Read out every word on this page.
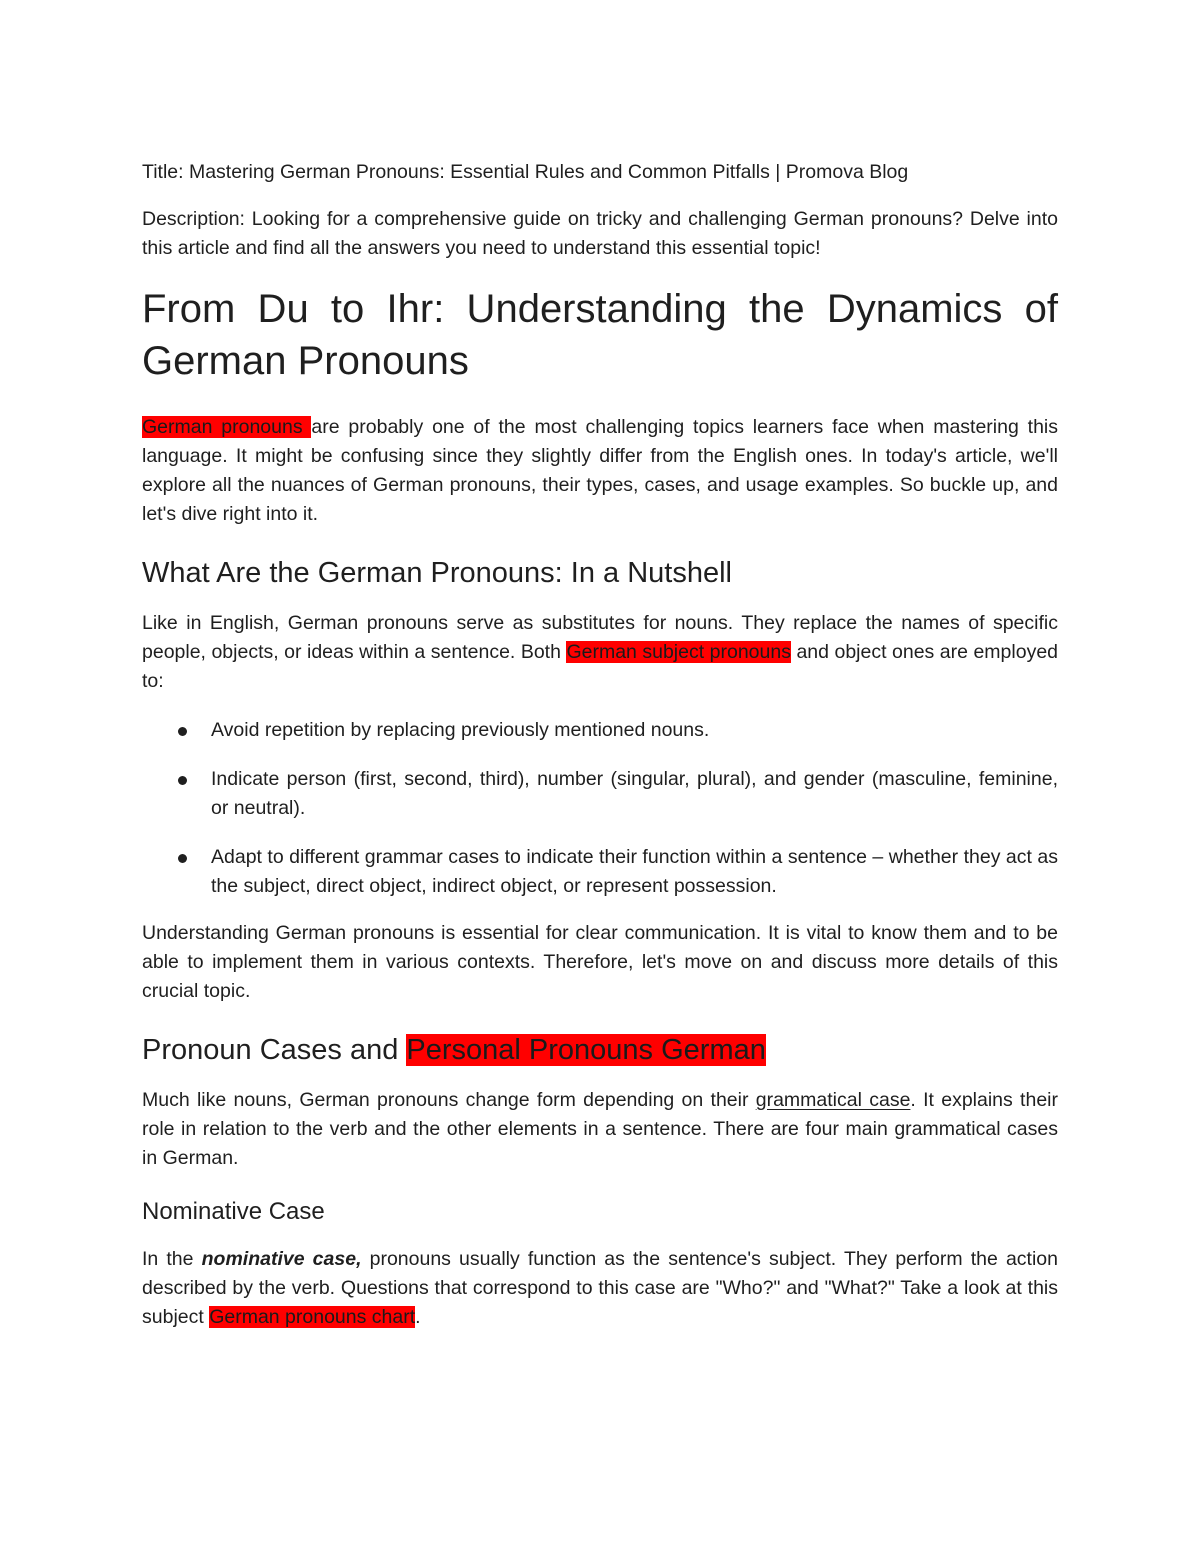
Title: Mastering German Pronouns: Essential Rules and Common Pitfalls | Promova Blog

Description: Looking for a comprehensive guide on tricky and challenging German pronouns? Delve into this article and find all the answers you need to understand this essential topic!

From Du to Ihr: Understanding the Dynamics of German Pronouns

German pronouns are probably one of the most challenging topics learners face when mastering this language. It might be confusing since they slightly differ from the English ones. In today's article, we'll explore all the nuances of German pronouns, their types, cases, and usage examples. So buckle up, and let's dive right into it.

What Are the German Pronouns: In a Nutshell

Like in English, German pronouns serve as substitutes for nouns. They replace the names of specific people, objects, or ideas within a sentence. Both German subject pronouns and object ones are employed to:

Avoid repetition by replacing previously mentioned nouns.
Indicate person (first, second, third), number (singular, plural), and gender (masculine, feminine, or neutral).
Adapt to different grammar cases to indicate their function within a sentence – whether they act as the subject, direct object, indirect object, or represent possession.

Understanding German pronouns is essential for clear communication. It is vital to know them and to be able to implement them in various contexts. Therefore, let's move on and discuss more details of this crucial topic.

Pronoun Cases and Personal Pronouns German

Much like nouns, German pronouns change form depending on their grammatical case. It explains their role in relation to the verb and the other elements in a sentence. There are four main grammatical cases in German.

Nominative Case

In the nominative case, pronouns usually function as the sentence's subject. They perform the action described by the verb. Questions that correspond to this case are "Who?" and "What?" Take a look at this subject German pronouns chart.
